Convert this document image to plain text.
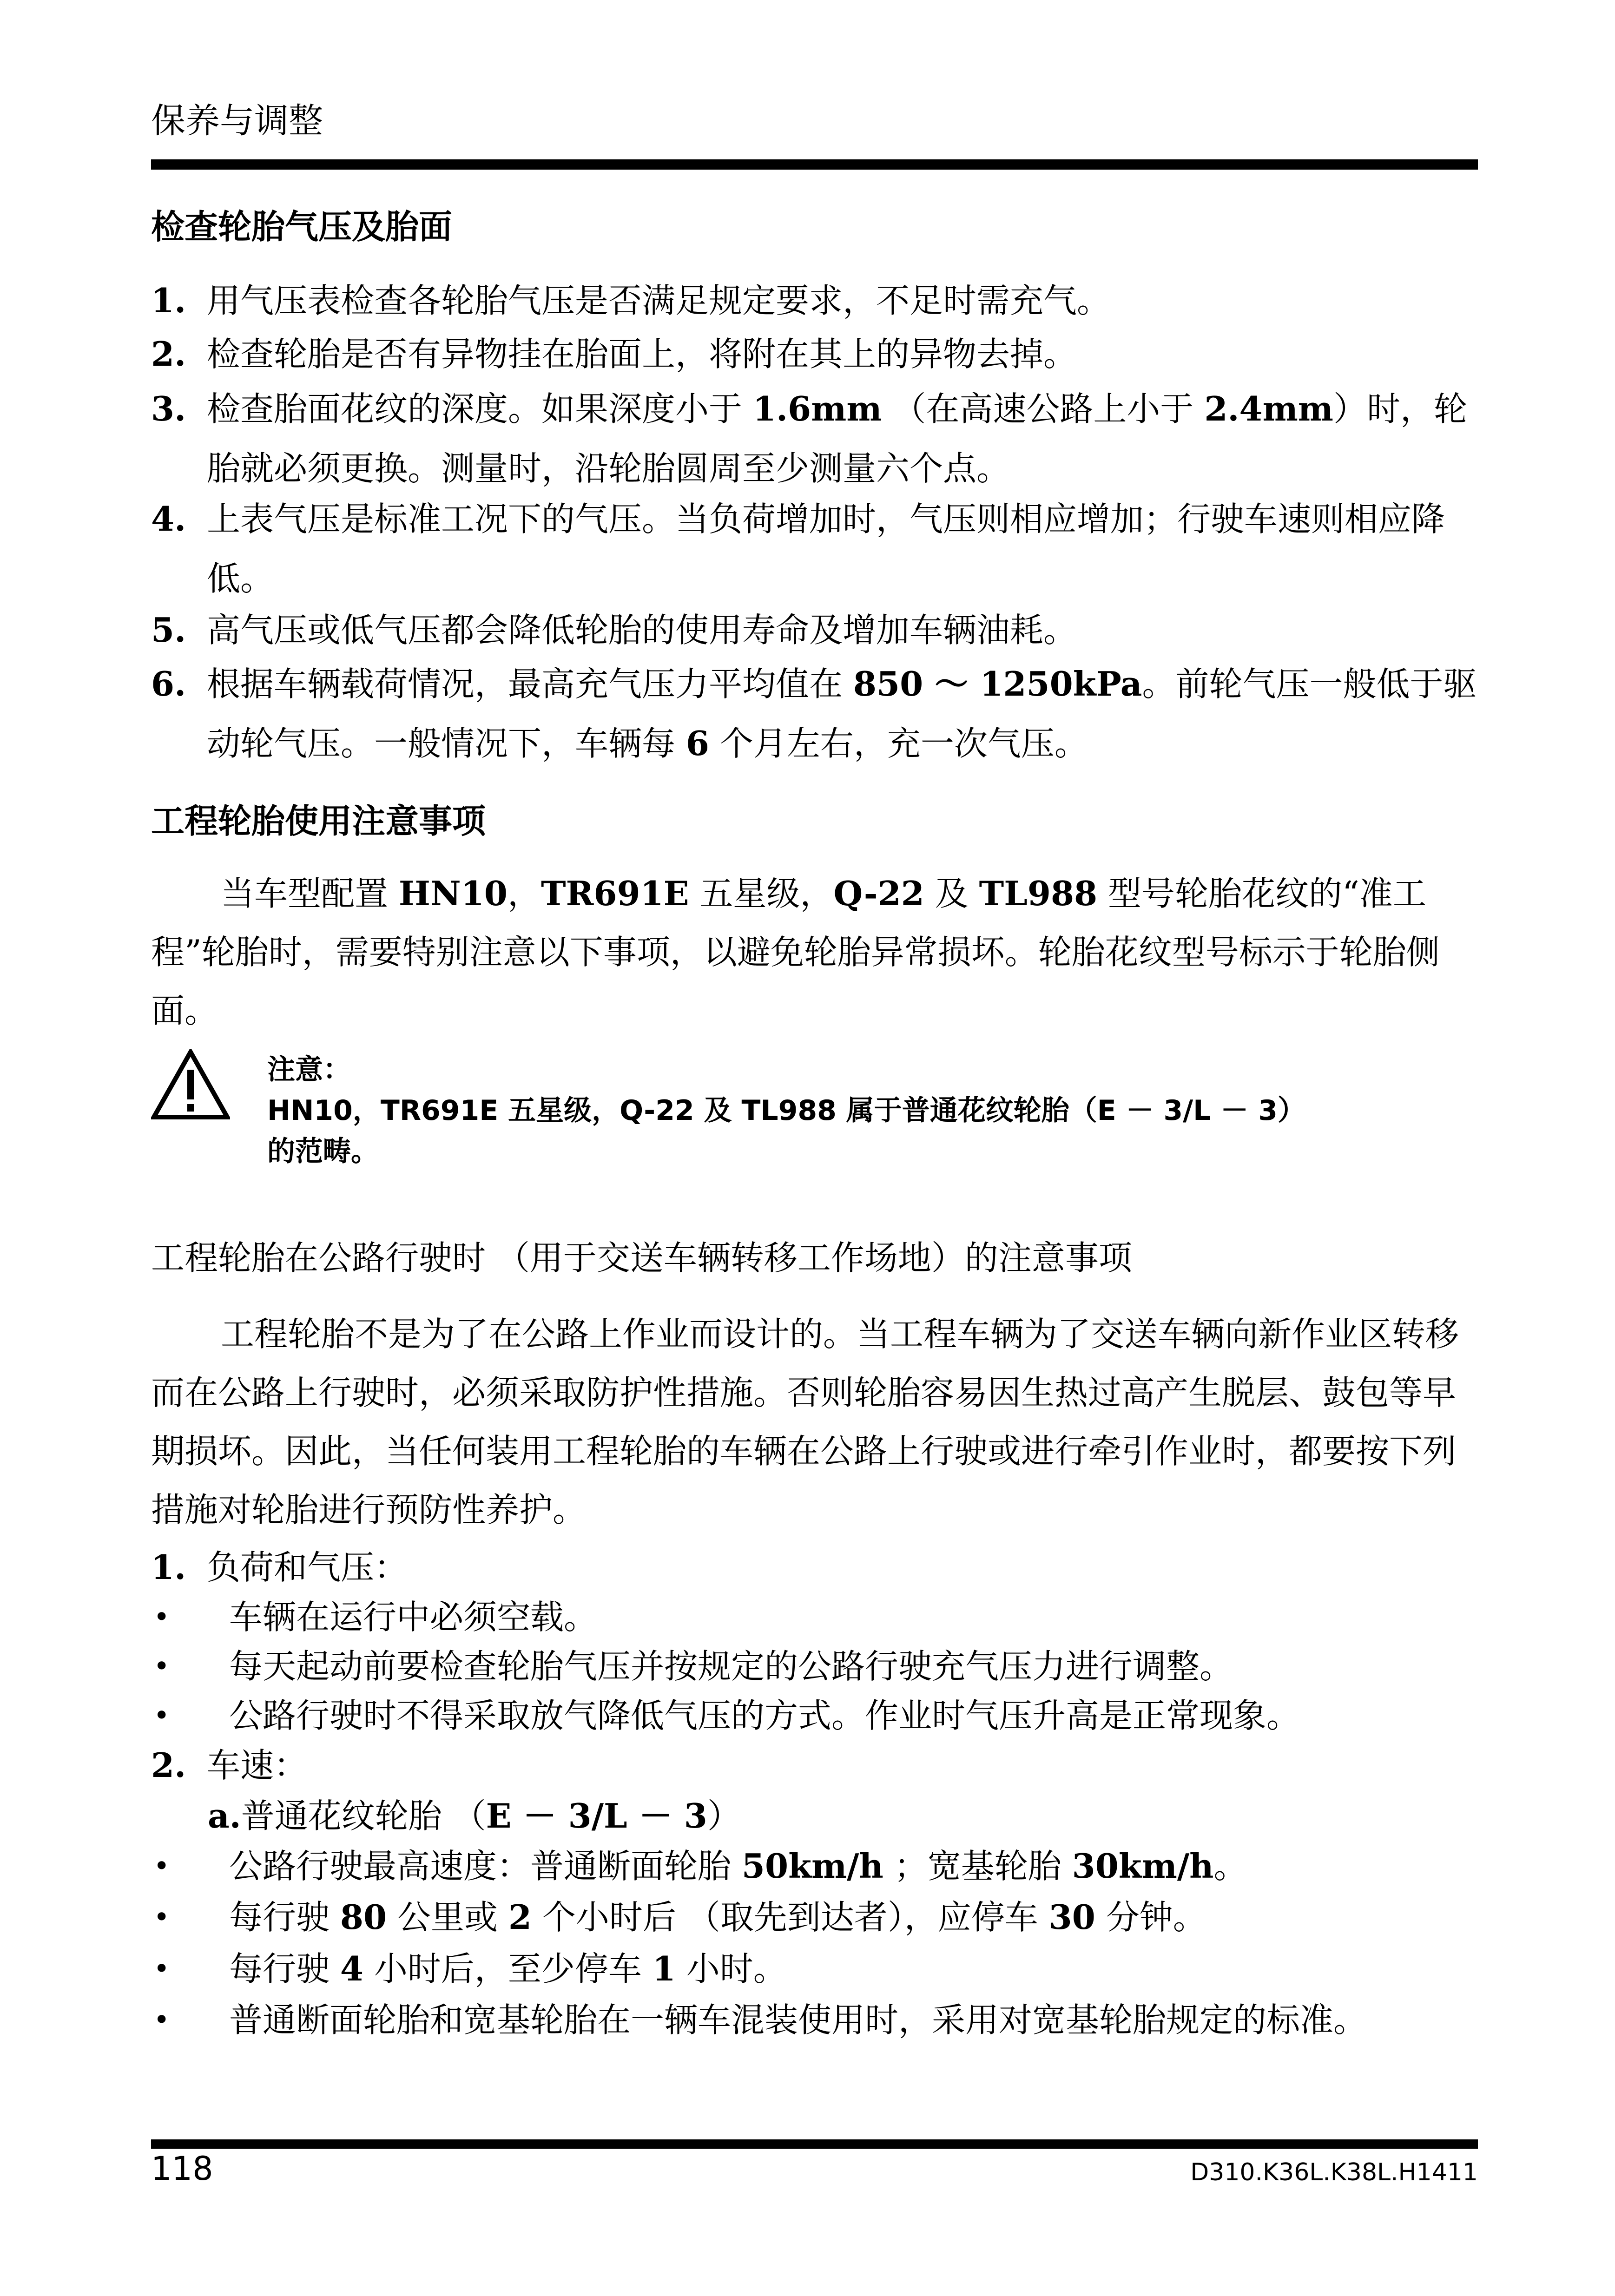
保养与调整
检查轮胎气压及胎面
1. 用气压表检查各轮胎气压是否满足规定要求，不足时需充气。
2. 检查轮胎是否有异物挂在胎面上，将附在其上的异物去掉。
3. 检查胎面花纹的深度。如果深度小于 1.6mm （在高速公路上小于 2.4mm）时，轮胎就必须更换。测量时，沿轮胎圆周至少测量六个点。
4. 上表气压是标准工况下的气压。当负荷增加时，气压则相应增加；行驶车速则相应降低。
5. 高气压或低气压都会降低轮胎的使用寿命及增加车辆油耗。
6. 根据车辆载荷情况，最高充气压力平均值在 850 ～ 1250kPa。前轮气压一般低于驱动轮气压。一般情况下，车辆每 6 个月左右，充一次气压。
工程轮胎使用注意事项
当车型配置 HN10，TR691E 五星级，Q-22 及 TL988 型号轮胎花纹的“准工程”轮胎时，需要特别注意以下事项，以避免轮胎异常损坏。轮胎花纹型号标示于轮胎侧面。
注意：
HN10，TR691E 五星级，Q-22 及 TL988 属于普通花纹轮胎（E － 3/L － 3）
的范畴。
工程轮胎在公路行驶时 （用于交送车辆转移工作场地）的注意事项
工程轮胎不是为了在公路上作业而设计的。当工程车辆为了交送车辆向新作业区转移而在公路上行驶时，必须采取防护性措施。否则轮胎容易因生热过高产生脱层、鼓包等早期损坏。因此，当任何装用工程轮胎的车辆在公路上行驶或进行牵引作业时，都要按下列措施对轮胎进行预防性养护。
1. 负荷和气压：
• 车辆在运行中必须空载。
• 每天起动前要检查轮胎气压并按规定的公路行驶充气压力进行调整。
• 公路行驶时不得采取放气降低气压的方式。作业时气压升高是正常现象。
2. 车速：
a.普通花纹轮胎 （E － 3/L － 3）
• 公路行驶最高速度：普通断面轮胎 50km/h ；宽基轮胎 30km/h。
• 每行驶 80 公里或 2 个小时后 （取先到达者），应停车 30 分钟。
• 每行驶 4 小时后，至少停车 1 小时。
• 普通断面轮胎和宽基轮胎在一辆车混装使用时，采用对宽基轮胎规定的标准。
118	D310.K36L.K38L.H1411
